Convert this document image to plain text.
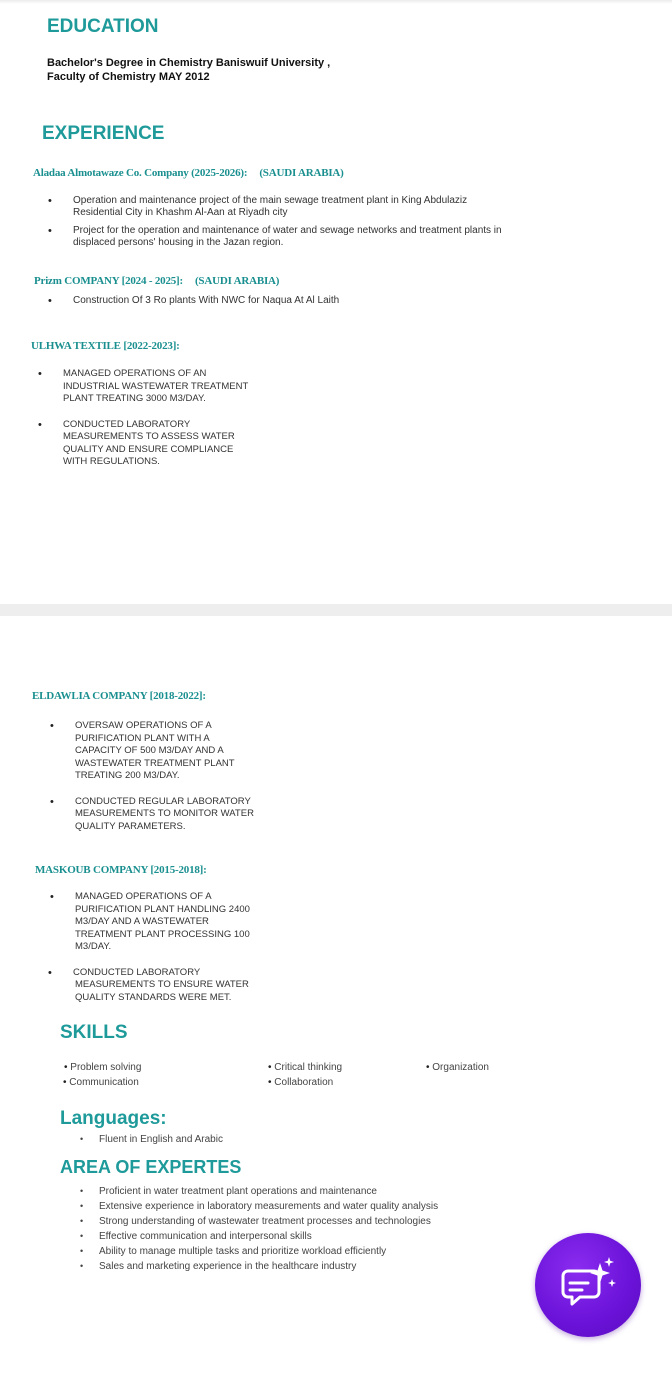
EDUCATION
Bachelor's Degree in Chemistry Baniswuif University ,
Faculty of Chemistry MAY 2012
EXPERIENCE
Aladaa Almotawaze Co. Company (2025-2026): (SAUDI ARABIA)
• Operation and maintenance project of the main sewage treatment plant in King Abdulaziz
Residential City in Khashm Al-Aan at Riyadh city
• Project for the operation and maintenance of water and sewage networks and treatment plants in
displaced persons' housing in the Jazan region.
Prizm COMPANY [2024 - 2025]: (SAUDI ARABIA)
• Construction Of 3 Ro plants With NWC for Naqua At Al Laith
ULHWA TEXTILE [2022-2023]:
• MANAGED OPERATIONS OF AN
INDUSTRIAL WASTEWATER TREATMENT
PLANT TREATING 3000 M3/DAY.
• CONDUCTED LABORATORY
MEASUREMENTS TO ASSESS WATER
QUALITY AND ENSURE COMPLIANCE
WITH REGULATIONS.
ELDAWLIA COMPANY [2018-2022]:
• OVERSAW OPERATIONS OF A
PURIFICATION PLANT WITH A
CAPACITY OF 500 M3/DAY AND A
WASTEWATER TREATMENT PLANT
TREATING 200 M3/DAY.
• CONDUCTED REGULAR LABORATORY
MEASUREMENTS TO MONITOR WATER
QUALITY PARAMETERS.
MASKOUB COMPANY [2015-2018]:
• MANAGED OPERATIONS OF A
PURIFICATION PLANT HANDLING 2400
M3/DAY AND A WASTEWATER
TREATMENT PLANT PROCESSING 100
M3/DAY.
• CONDUCTED LABORATORY
MEASUREMENTS TO ENSURE WATER
QUALITY STANDARDS WERE MET.
SKILLS
• Problem solving
• Communication
• Critical thinking
• Collaboration
• Organization
Languages:
• Fluent in English and Arabic
AREA OF EXPERTES
• Proficient in water treatment plant operations and maintenance
• Extensive experience in laboratory measurements and water quality analysis
• Strong understanding of wastewater treatment processes and technologies
• Effective communication and interpersonal skills
• Ability to manage multiple tasks and prioritize workload efficiently
• Sales and marketing experience in the healthcare industry
